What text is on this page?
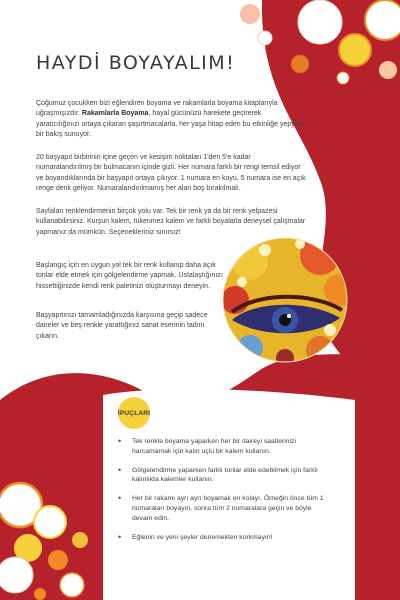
HAYDİ BOYAYALIM!
Çoğumuz çocukken bizi eğlendiren boyama ve rakamlarla boyama kitaplarıyla uğraşmışızdır. Rakamlarla Boyama, hayal gücünüzü harekete geçirerek yaratıcılığınızı ortaya çıkaran şaşırtmacalarla, her yaşa hitap eden bu etkinliğe yepyeni bir bakış sunuyor.
20 başyapıt birbirinin içine geçen ve kesişim noktaları 1'den 5'e kadar numaralandırılmış bir bulmacanın içinde gizli. Her numara farklı bir rengi temsil ediyor ve boyandıklarında bir başyapıt ortaya çıkıyor. 1 numara en koyu, 5 numara ise en açık renge denk geliyor. Numaralandırılmamış her alan boş bırakılmalı.
Sayfaları renklendirmenin birçok yolu var. Tek bir renk ya da bir renk yelpazesi kullanabilirsiniz. Kurşun kalem, tükenmez kalem ve farklı boyalarla deneysel çalışmalar yapmanız da mümkün. Seçenekleriniz sınırsız!
Başlangıç için en uygun yol tek bir renk kullanıp daha açık tonlar elde etmek için gölgelendirme yapmak. Ustalaştığınızı hissettiğinizde kendi renk paletinizi oluşturmayı deneyin.
Başyapıtınızı tamamladığınızda karşısına geçip sadece daireler ve beş renkle yarattığınız sanat eserinin tadını çıkarın.
İPUÇLARI
• Tek renkle boyama yaparken her bir daireyi saatlerinizi harcamamak için kalın uçlu bir kalem kullanın.
• Gölgelendirme yaparken farklı tonlar elde edebilmek için farklı kalınlıkta kalemler kullanın.
• Her bir rakamı ayrı ayrı boyamak en kolayı. Örneğin önce tüm 1 numaraları boyayın, sonra tüm 2 numaralara geçin ve böyle devam edin.
• Eğlenin ve yeni şeyler denemekten korkmayın!
